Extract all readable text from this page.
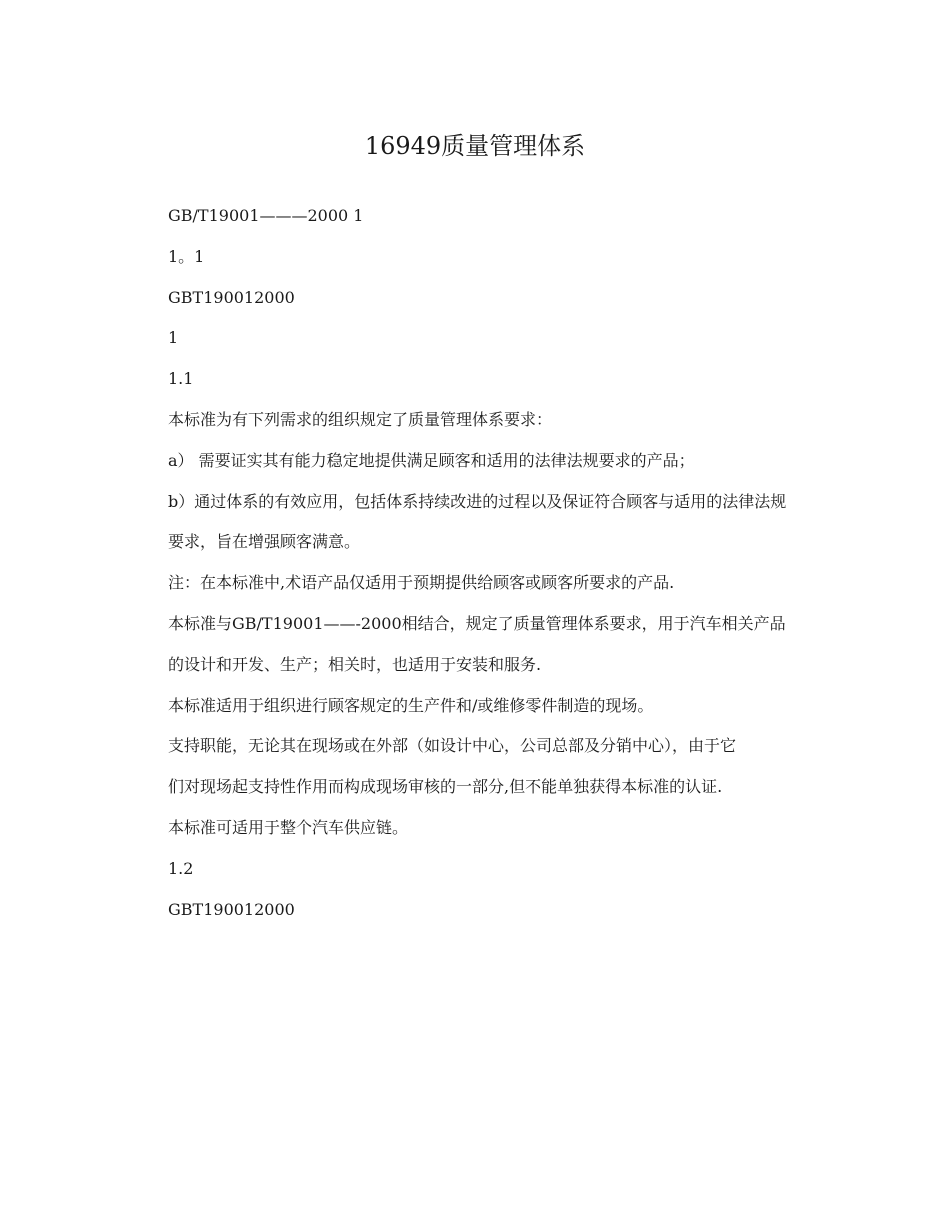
16949质量管理体系

GB/T19001———2000 1

1。1

GBT190012000

1

1.1

本标准为有下列需求的组织规定了质量管理体系要求：

a） 需要证实其有能力稳定地提供满足顾客和适用的法律法规要求的产品；

b）通过体系的有效应用，包括体系持续改进的过程以及保证符合顾客与适用的法律法规

要求，旨在增强顾客满意。

注：在本标准中,术语产品仅适用于预期提供给顾客或顾客所要求的产品.

本标准与GB/T19001——-2000相结合，规定了质量管理体系要求，用于汽车相关产品

的设计和开发、生产；相关时，也适用于安装和服务.

本标准适用于组织进行顾客规定的生产件和/或维修零件制造的现场。

支持职能，无论其在现场或在外部（如设计中心，公司总部及分销中心），由于它

们对现场起支持性作用而构成现场审核的一部分,但不能单独获得本标准的认证.

本标准可适用于整个汽车供应链。

1.2

GBT190012000
